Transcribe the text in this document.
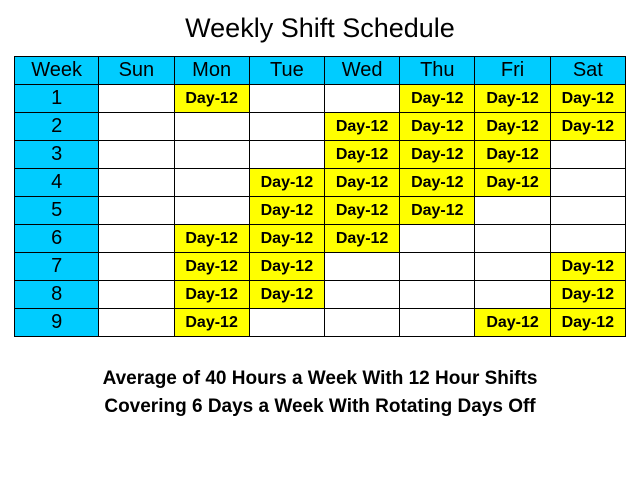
Weekly Shift Schedule
Week	Sun	Mon	Tue	Wed	Thu	Fri	Sat
1		Day-12			Day-12	Day-12	Day-12
2				Day-12	Day-12	Day-12	Day-12
3				Day-12	Day-12	Day-12	
4			Day-12	Day-12	Day-12	Day-12	
5			Day-12	Day-12	Day-12		
6		Day-12	Day-12	Day-12			
7		Day-12	Day-12				Day-12
8		Day-12	Day-12				Day-12
9		Day-12				Day-12	Day-12
Average of 40 Hours a Week With 12 Hour Shifts
Covering 6 Days a Week With Rotating Days Off
